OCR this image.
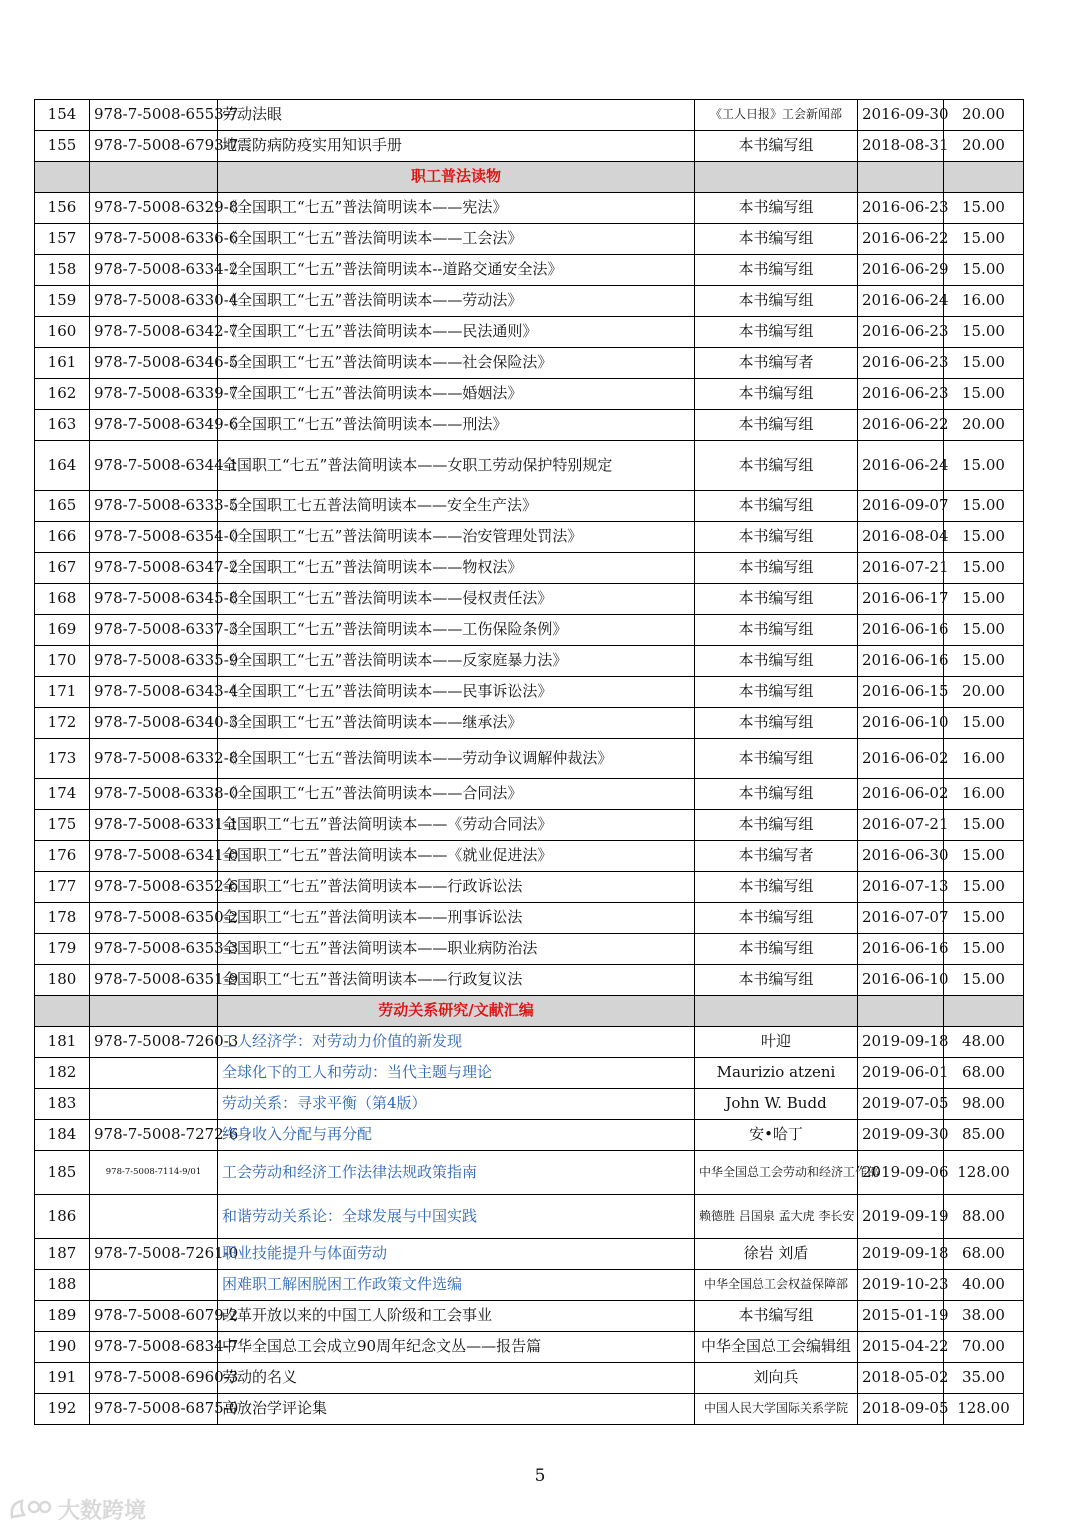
154	978-7-5008-6553-7	劳动法眼	《工人日报》工会新闻部	2016-09-30	20.00
155	978-7-5008-6793-7	地震防病防疫实用知识手册	本书编写组	2018-08-31	20.00
		职工普法读物			
156	978-7-5008-6329-8	《全国职工“七五”普法简明读本——宪法》	本书编写组	2016-06-23	15.00
157	978-7-5008-6336-6	《全国职工“七五”普法简明读本——工会法》	本书编写组	2016-06-22	15.00
158	978-7-5008-6334-2	《全国职工“七五”普法简明读本--道路交通安全法》	本书编写组	2016-06-29	15.00
159	978-7-5008-6330-4	《全国职工“七五”普法简明读本——劳动法》	本书编写组	2016-06-24	16.00
160	978-7-5008-6342-7	《全国职工“七五”普法简明读本——民法通则》	本书编写组	2016-06-23	15.00
161	978-7-5008-6346-5	《全国职工“七五”普法简明读本——社会保险法》	本书编写者	2016-06-23	15.00
162	978-7-5008-6339-7	《全国职工“七五”普法简明读本——婚姻法》	本书编写组	2016-06-23	15.00
163	978-7-5008-6349-6	《全国职工“七五”普法简明读本——刑法》	本书编写组	2016-06-22	20.00
164	978-7-5008-6344-1	全国职工“七五”普法简明读本——女职工劳动保护特别规定	本书编写组	2016-06-24	15.00
165	978-7-5008-6333-5	《全国职工七五普法简明读本——安全生产法》	本书编写组	2016-09-07	15.00
166	978-7-5008-6354-0	《全国职工“七五”普法简明读本——治安管理处罚法》	本书编写组	2016-08-04	15.00
167	978-7-5008-6347-2	《全国职工“七五”普法简明读本——物权法》	本书编写组	2016-07-21	15.00
168	978-7-5008-6345-8	《全国职工“七五”普法简明读本——侵权责任法》	本书编写组	2016-06-17	15.00
169	978-7-5008-6337-3	《全国职工“七五”普法简明读本——工伤保险条例》	本书编写组	2016-06-16	15.00
170	978-7-5008-6335-9	《全国职工“七五”普法简明读本——反家庭暴力法》	本书编写组	2016-06-16	15.00
171	978-7-5008-6343-4	《全国职工“七五”普法简明读本——民事诉讼法》	本书编写组	2016-06-15	20.00
172	978-7-5008-6340-3	《全国职工“七五”普法简明读本——继承法》	本书编写组	2016-06-10	15.00
173	978-7-5008-6332-8	《全国职工“七五“普法简明读本——劳动争议调解仲裁法》	本书编写组	2016-06-02	16.00
174	978-7-5008-6338-0	《全国职工“七五”普法简明读本——合同法》	本书编写组	2016-06-02	16.00
175	978-7-5008-6331-1	全国职工“七五”普法简明读本——《劳动合同法》	本书编写组	2016-07-21	15.00
176	978-7-5008-6341-0	全国职工“七五”普法简明读本——《就业促进法》	本书编写者	2016-06-30	15.00
177	978-7-5008-6352-6	全国职工“七五”普法简明读本——行政诉讼法	本书编写组	2016-07-13	15.00
178	978-7-5008-6350-2	全国职工“七五”普法简明读本——刑事诉讼法	本书编写组	2016-07-07	15.00
179	978-7-5008-6353-3	全国职工“七五”普法简明读本——职业病防治法	本书编写组	2016-06-16	15.00
180	978-7-5008-6351-9	全国职工“七五”普法简明读本——行政复议法	本书编写组	2016-06-10	15.00
		劳动关系研究/文献汇编			
181	978-7-5008-7260-3	工人经济学：对劳动力价值的新发现	叶迎	2019-09-18	48.00
182		全球化下的工人和劳动：当代主题与理论	Maurizio atzeni	2019-06-01	68.00
183		劳动关系：寻求平衡（第4版）	John W. Budd	2019-07-05	98.00
184	978-7-5008-7272-6	终身收入分配与再分配	安•哈丁	2019-09-30	85.00
185	978-7-5008-7114-9/01	工会劳动和经济工作法律法规政策指南	中华全国总工会劳动和经济工作部	2019-09-06	128.00
186		和谐劳动关系论：全球发展与中国实践	赖德胜 吕国泉 孟大虎 李长安	2019-09-19	88.00
187	978-7-5008-7261-0	职业技能提升与体面劳动	徐岩 刘盾	2019-09-18	68.00
188		困难职工解困脱困工作政策文件选编	中华全国总工会权益保障部	2019-10-23	40.00
189	978-7-5008-6079-2	改革开放以来的中国工人阶级和工会事业	本书编写组	2015-01-19	38.00
190	978-7-5008-6834-7	中华全国总工会成立90周年纪念文丛——报告篇	中华全国总工会编辑组	2015-04-22	70.00
191	978-7-5008-6960-3	劳动的名义	刘向兵	2018-05-02	35.00
192	978-7-5008-6875-0	高放治学评论集	中国人民大学国际关系学院	2018-09-05	128.00
5
大数跨境
